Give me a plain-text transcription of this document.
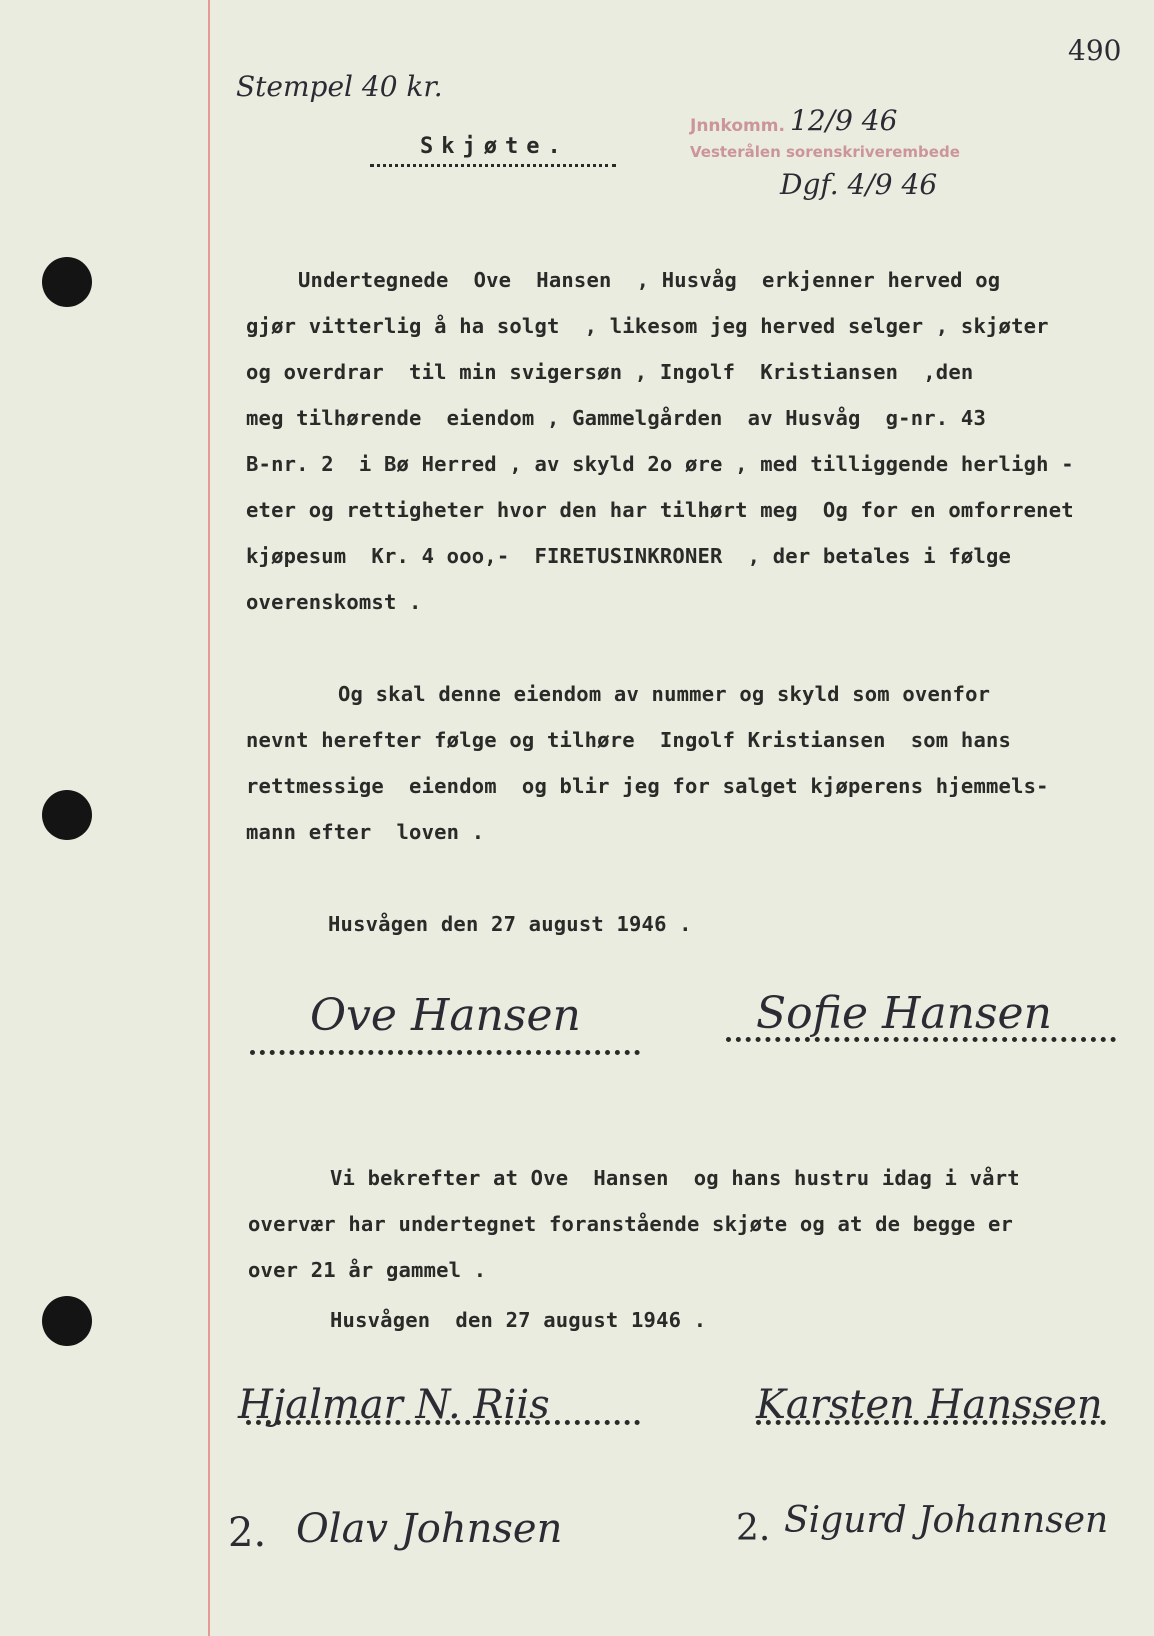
490
Stempel 40 kr.
Skjøte.
Jnnkomm. 12/9 46
Vesterålen sorenskriverembede
Dgf. 4/9 46
Undertegnede  Ove  Hansen  , Husvåg  erkjenner herved og
gjør vitterlig å ha solgt  , likesom jeg herved selger , skjøter
og overdrar  til min svigersøn , Ingolf  Kristiansen  ,den
meg tilhørende  eiendom , Gammelgården  av Husvåg  g-nr. 43
B-nr. 2  i Bø Herred , av skyld 2o øre , med tilliggende herligh -
eter og rettigheter hvor den har tilhørt meg  Og for en omforrenet
kjøpesum  Kr. 4 ooo,-  FIRETUSINKRONER  , der betales i følge
overenskomst .
Og skal denne eiendom av nummer og skyld som ovenfor
nevnt herefter følge og tilhøre  Ingolf Kristiansen  som hans
rettmessige  eiendom  og blir jeg for salget kjøperens hjemmels-
mann efter  loven .
Husvågen den 27 august 1946 .
Ove Hansen	Sofie Hansen
Vi bekrefter at Ove  Hansen  og hans hustru idag i vårt
overvær har undertegnet foranstående skjøte og at de begge er
over 21 år gammel .
Husvågen  den 27 august 1946 .
Hjalmar N. Riis	Karsten Hanssen
2. Olav Johnsen	2. Sigurd Johannsen
